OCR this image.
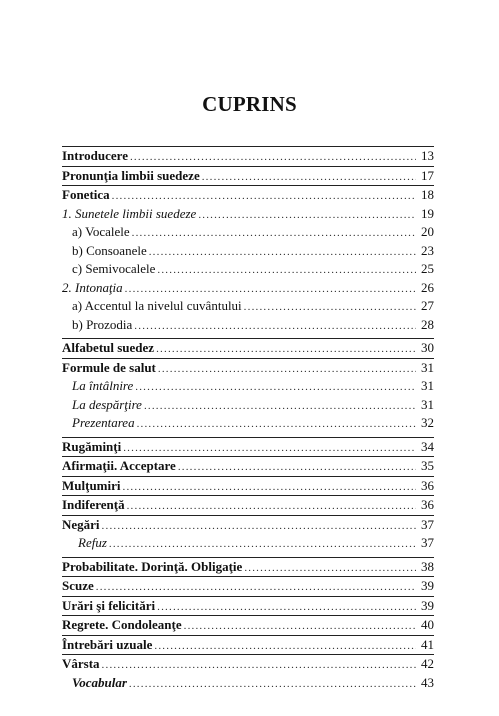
CUPRINS
Introducere .....	13
Pronunţia limbii suedeze .....	17
Fonetica .....	18
1. Sunetele limbii suedeze .....	19
a) Vocalele .....	20
b) Consoanele .....	23
c) Semivocalele .....	25
2. Intonaţia .....	26
a) Accentul la nivelul cuvântului .....	27
b) Prozodia .....	28
Alfabetul suedez .....	30
Formule de salut .....	31
La întâlnire .....	31
La despărţire .....	31
Prezentarea .....	32
Rugăminţi .....	34
Afirmaţii. Acceptare .....	35
Mulţumiri .....	36
Indiferenţă .....	36
Negări .....	37
Refuz .....	37
Probabilitate. Dorinţă. Obligaţie .....	38
Scuze .....	39
Urări şi felicitări .....	39
Regrete. Condoleanţe .....	40
Întrebări uzuale .....	41
Vârsta .....	42
Vocabular .....	43
